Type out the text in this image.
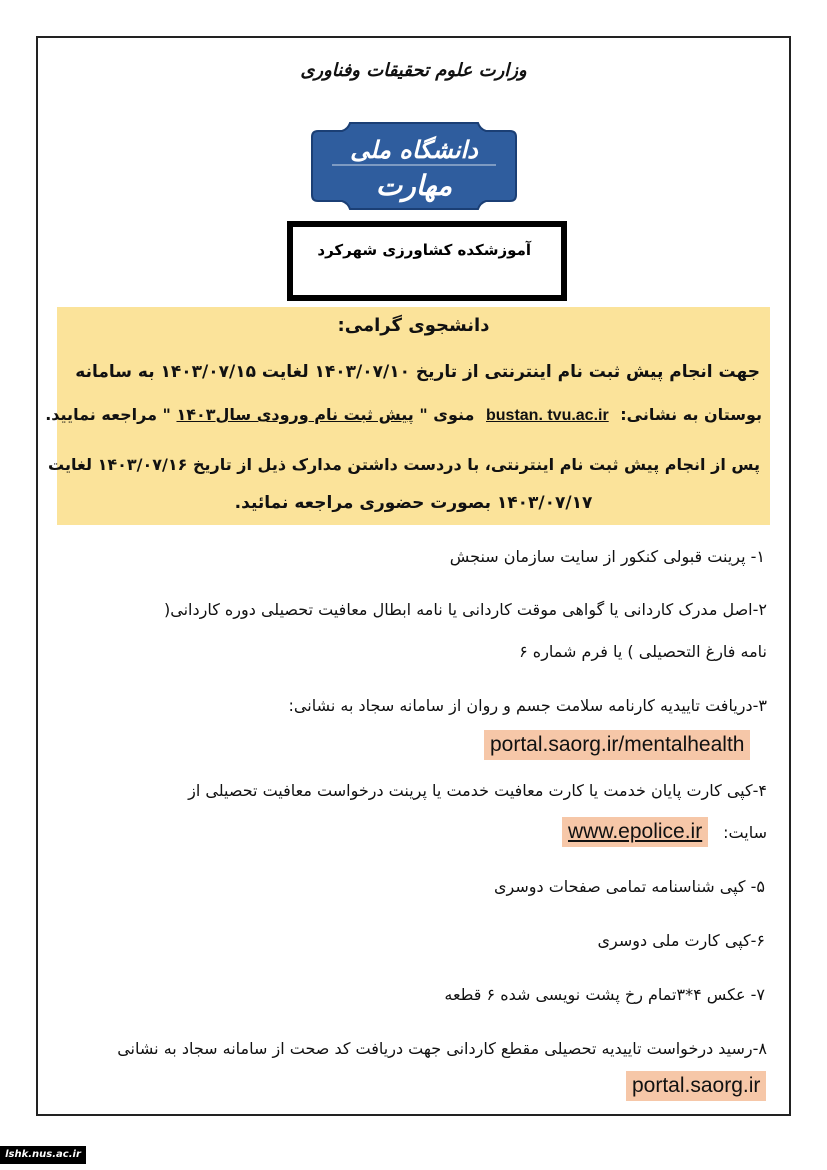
وزارت علوم تحقیقات وفناوری
دانشگاه ملی
مهارت
آموزشکده کشاورزی شهرکرد
دانشجوی گرامی:
جهت انجام پیش ثبت نام اینترنتی از تاریخ ۱۴۰۳/۰۷/۱۰ لغایت ۱۴۰۳/۰۷/۱۵ به سامانه
بوستان به نشانی: bustan. tvu.ac.ir منوی " پیش ثبت نام ورودی سال۱۴۰۳ " مراجعه نمایید.
پس از انجام پیش ثبت نام اینترنتی، با دردست داشتن مدارک ذیل از تاریخ ۱۴۰۳/۰۷/۱۶ لغایت
۱۴۰۳/۰۷/۱۷ بصورت حضوری مراجعه نمائید.
۱- پرینت قبولی کنکور از سایت سازمان سنجش
۲-اصل مدرک کاردانی یا گواهی موقت کاردانی یا نامه ابطال معافیت تحصیلی دوره کاردانی(
نامه فارغ التحصیلی ) یا فرم شماره ۶
۳-دریافت تاییدیه کارنامه سلامت جسم و روان از سامانه سجاد به نشانی:
portal.saorg.ir/mentalhealth
۴-کپی کارت پایان خدمت یا کارت معافیت خدمت یا پرینت درخواست معافیت تحصیلی از
سایت:
www.epolice.ir
۵- کپی شناسنامه تمامی صفحات دوسری
۶-کپی کارت ملی دوسری
۷- عکس ۴*۳تمام رخ پشت نویسی شده ۶ قطعه
۸-رسید درخواست تاییدیه تحصیلی مقطع کاردانی جهت دریافت کد صحت از سامانه سجاد به نشانی
portal.saorg.ir
lshk.nus.ac.ir
